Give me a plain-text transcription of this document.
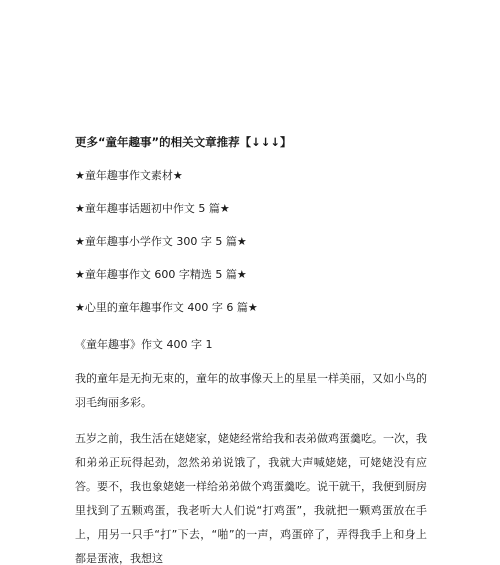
更多“童年趣事”的相关文章推荐【↓↓↓】
★童年趣事作文素材★
★童年趣事话题初中作文 5 篇★
★童年趣事小学作文 300 字 5 篇★
★童年趣事作文 600 字精选 5 篇★
★心里的童年趣事作文 400 字 6 篇★
《童年趣事》作文 400 字 1

我的童年是无拘无束的，童年的故事像天上的星星一样美丽，又如小鸟的羽毛绚丽多彩。

五岁之前，我生活在姥姥家，姥姥经常给我和表弟做鸡蛋羹吃。一次，我和弟弟正玩得起劲，忽然弟弟说饿了，我就大声喊姥姥，可姥姥没有应答。要不，我也象姥姥一样给弟弟做个鸡蛋羹吃。说干就干，我便到厨房里找到了五颗鸡蛋，我老听大人们说“打鸡蛋”，我就把一颗鸡蛋放在手上，用另一只手“打”下去，“啪”的一声，鸡蛋碎了，弄得我手上和身上都是蛋液，我想这
